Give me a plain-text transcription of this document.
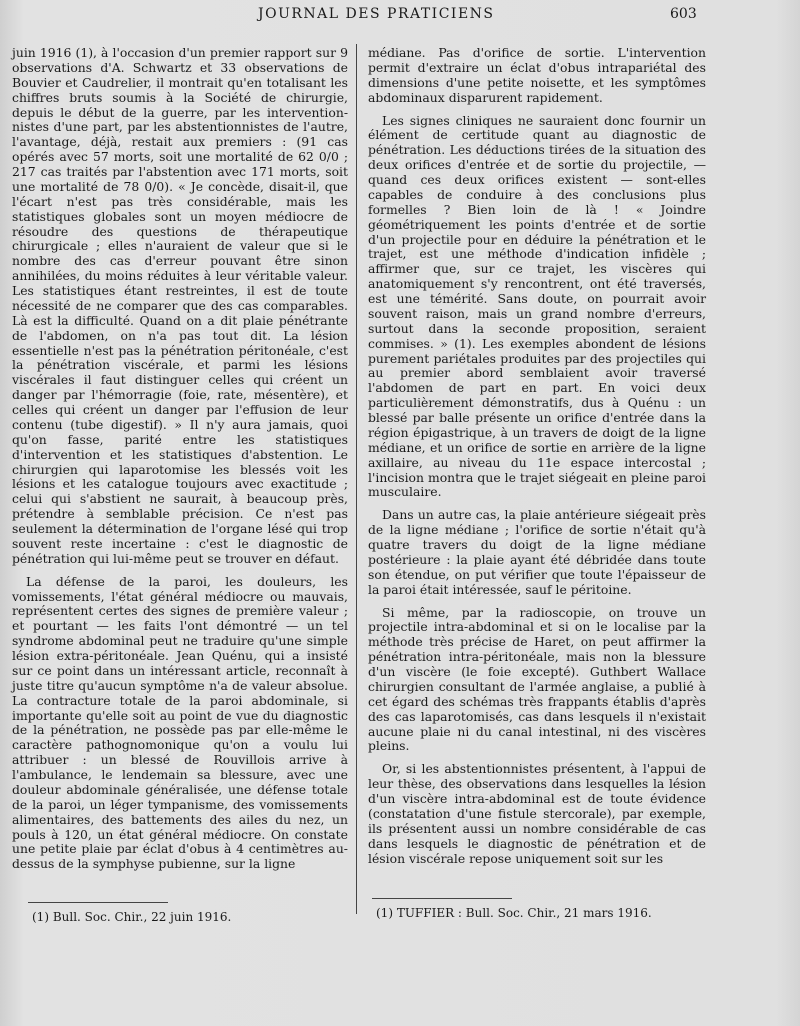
JOURNAL DES PRATICIENS	603

juin 1916 (1), à l'occasion d'un premier rapport sur 9 observations d'A. Schwartz et 33 observations de Bouvier et Caudrelier, il montrait qu'en totalisant les chiffres bruts soumis à la Société de chirurgie, depuis le début de la guerre, par les intervention-nistes d'une part, par les abstentionnistes de l'autre, l'avantage, déjà, restait aux premiers : (91 cas opérés avec 57 morts, soit une mortalité de 62 0/0 ; 217 cas traités par l'abstention avec 171 morts, soit une mortalité de 78 0/0). « Je concède, disait-il, que l'écart n'est pas très considérable, mais les statistiques globales sont un moyen médiocre de résoudre des questions de thérapeutique chirurgicale ; elles n'auraient de valeur que si le nombre des cas d'erreur pouvant être sinon annihilées, du moins réduites à leur véritable valeur. Les statistiques étant restreintes, il est de toute nécessité de ne comparer que des cas comparables. Là est la difficulté. Quand on a dit plaie pénétrante de l'abdomen, on n'a pas tout dit. La lésion essentielle n'est pas la pénétration péritonéale, c'est la pénétration viscérale, et parmi les lésions viscérales il faut distinguer celles qui créent un danger par l'hémorragie (foie, rate, mésentère), et celles qui créent un danger par l'effusion de leur contenu (tube digestif). » Il n'y aura jamais, quoi qu'on fasse, parité entre les statistiques d'intervention et les statistiques d'abstention. Le chirurgien qui laparotomise les blessés voit les lésions et les catalogue toujours avec exactitude ; celui qui s'abstient ne saurait, à beaucoup près, prétendre à semblable précision. Ce n'est pas seulement la détermination de l'organe lésé qui trop souvent reste incertaine : c'est le diagnostic de pénétration qui lui-même peut se trouver en défaut.

La défense de la paroi, les douleurs, les vomissements, l'état général médiocre ou mauvais, représentent certes des signes de première valeur ; et pourtant — les faits l'ont démontré — un tel syndrome abdominal peut ne traduire qu'une simple lésion extra-péritonéale. Jean Quénu, qui a insisté sur ce point dans un intéressant article, reconnaît à juste titre qu'aucun symptôme n'a de valeur absolue. La contracture totale de la paroi abdominale, si importante qu'elle soit au point de vue du diagnostic de la pénétration, ne possède pas par elle-même le caractère pathognomonique qu'on a voulu lui attribuer : un blessé de Rouvillois arrive à l'ambulance, le lendemain sa blessure, avec une douleur abdominale généralisée, une défense totale de la paroi, un léger tympanisme, des vomissements alimentaires, des battements des ailes du nez, un pouls à 120, un état général médiocre. On constate une petite plaie par éclat d'obus à 4 centimètres au-dessus de la symphyse pubienne, sur la ligne

médiane. Pas d'orifice de sortie. L'intervention permit d'extraire un éclat d'obus intrapariétal des dimensions d'une petite noisette, et les symptômes abdominaux disparurent rapidement.

Les signes cliniques ne sauraient donc fournir un élément de certitude quant au diagnostic de pénétration. Les déductions tirées de la situation des deux orifices d'entrée et de sortie du projectile, — quand ces deux orifices existent — sont-elles capables de conduire à des conclusions plus formelles ? Bien loin de là ! « Joindre géométriquement les points d'entrée et de sortie d'un projectile pour en déduire la pénétration et le trajet, est une méthode d'indication infidèle ; affirmer que, sur ce trajet, les viscères qui anatomiquement s'y rencontrent, ont été traversés, est une témérité. Sans doute, on pourrait avoir souvent raison, mais un grand nombre d'erreurs, surtout dans la seconde proposition, seraient commises. » (1). Les exemples abondent de lésions purement pariétales produites par des projectiles qui au premier abord semblaient avoir traversé l'abdomen de part en part. En voici deux particulièrement démonstratifs, dus à Quénu : un blessé par balle présente un orifice d'entrée dans la région épigastrique, à un travers de doigt de la ligne médiane, et un orifice de sortie en arrière de la ligne axillaire, au niveau du 11e espace intercostal ; l'incision montra que le trajet siégeait en pleine paroi musculaire.

Dans un autre cas, la plaie antérieure siégeait près de la ligne médiane ; l'orifice de sortie n'était qu'à quatre travers du doigt de la ligne médiane postérieure : la plaie ayant été débridée dans toute son étendue, on put vérifier que toute l'épaisseur de la paroi était intéressée, sauf le péritoine.

Si même, par la radioscopie, on trouve un projectile intra-abdominal et si on le localise par la méthode très précise de Haret, on peut affirmer la pénétration intra-péritonéale, mais non la blessure d'un viscère (le foie excepté). Guthbert Wallace chirurgien consultant de l'armée anglaise, a publié à cet égard des schémas très frappants établis d'après des cas laparotomisés, cas dans lesquels il n'existait aucune plaie ni du canal intestinal, ni des viscères pleins.

Or, si les abstentionnistes présentent, à l'appui de leur thèse, des observations dans lesquelles la lésion d'un viscère intra-abdominal est de toute évidence (constatation d'une fistule stercorale), par exemple, ils présentent aussi un nombre considérable de cas dans lesquels le diagnostic de pénétration et de lésion viscérale repose uniquement soit sur les

(1) Bull. Soc. Chir., 22 juin 1916.	(1) TUFFIER : Bull. Soc. Chir., 21 mars 1916.
